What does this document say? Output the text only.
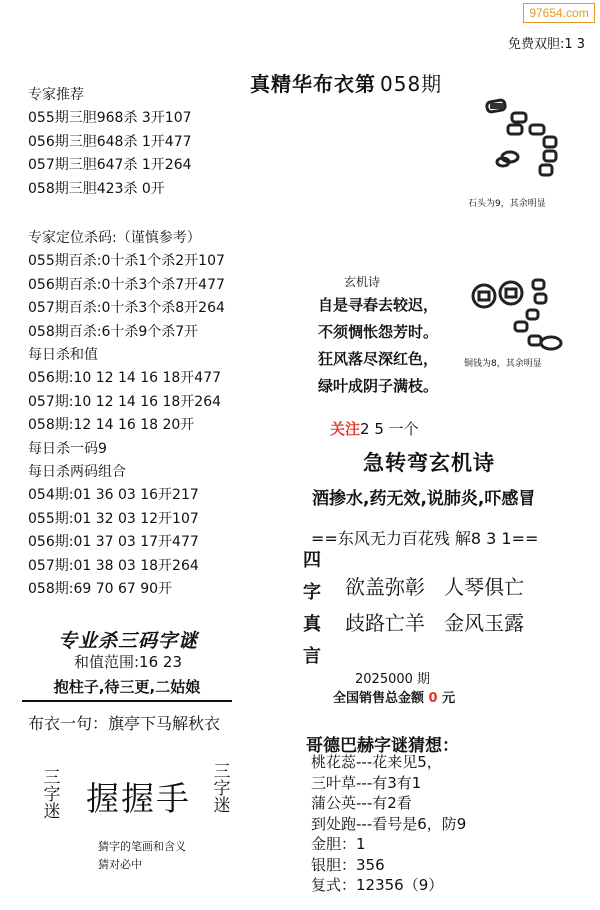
97654.com
免费双胆:1 3
真精华布衣第 058期
专家推荐
055期三胆968杀 3开107
056期三胆648杀 1开477
057期三胆647杀 1开264
058期三胆423杀 0开
专家定位杀码:（谨慎参考）
055期百杀:0十杀1个杀2开107
056期百杀:0十杀3个杀7开477
057期百杀:0十杀3个杀8开264
058期百杀:6十杀9个杀7开
每日杀和值
056期:10 12 14 16 18开477
057期:10 12 14 16 18开264
058期:12 14 16 18 20开
每日杀一码9
每日杀两码组合
054期:01 36 03 16开217
055期:01 32 03 12开107
056期:01 37 03 17开477
057期:01 38 03 18开264
058期:69 70 67 90开
专业杀三码字谜
和值范围:16 23
抱柱子,待三更,二姑娘
布衣一句：旗亭下马解秋衣
三字迷
三字迷
握握手
猜字的笔画和含义
猜对必中
石头为9，其余明显
铜钱为8，其余明显
玄机诗
自是寻春去较迟，
不须惆怅怨芳时。
狂风落尽深红色，
绿叶成阴子满枝。
关注2 5 一个
急转弯玄机诗
酒掺水,药无效,说肺炎,吓感冒
==东风无力百花残 解8 3 1==
四
字
真
言
欲盖弥彰   人琴俱亡
歧路亡羊   金风玉露
2025000 期
全国销售总金额 0 元
哥德巴赫字谜猜想：
桃花蕊---花来见5，
三叶草---有3有1
蒲公英---有2看
到处跑---看号是6，防9
金胆：1
银胆：356
复式：12356（9）
